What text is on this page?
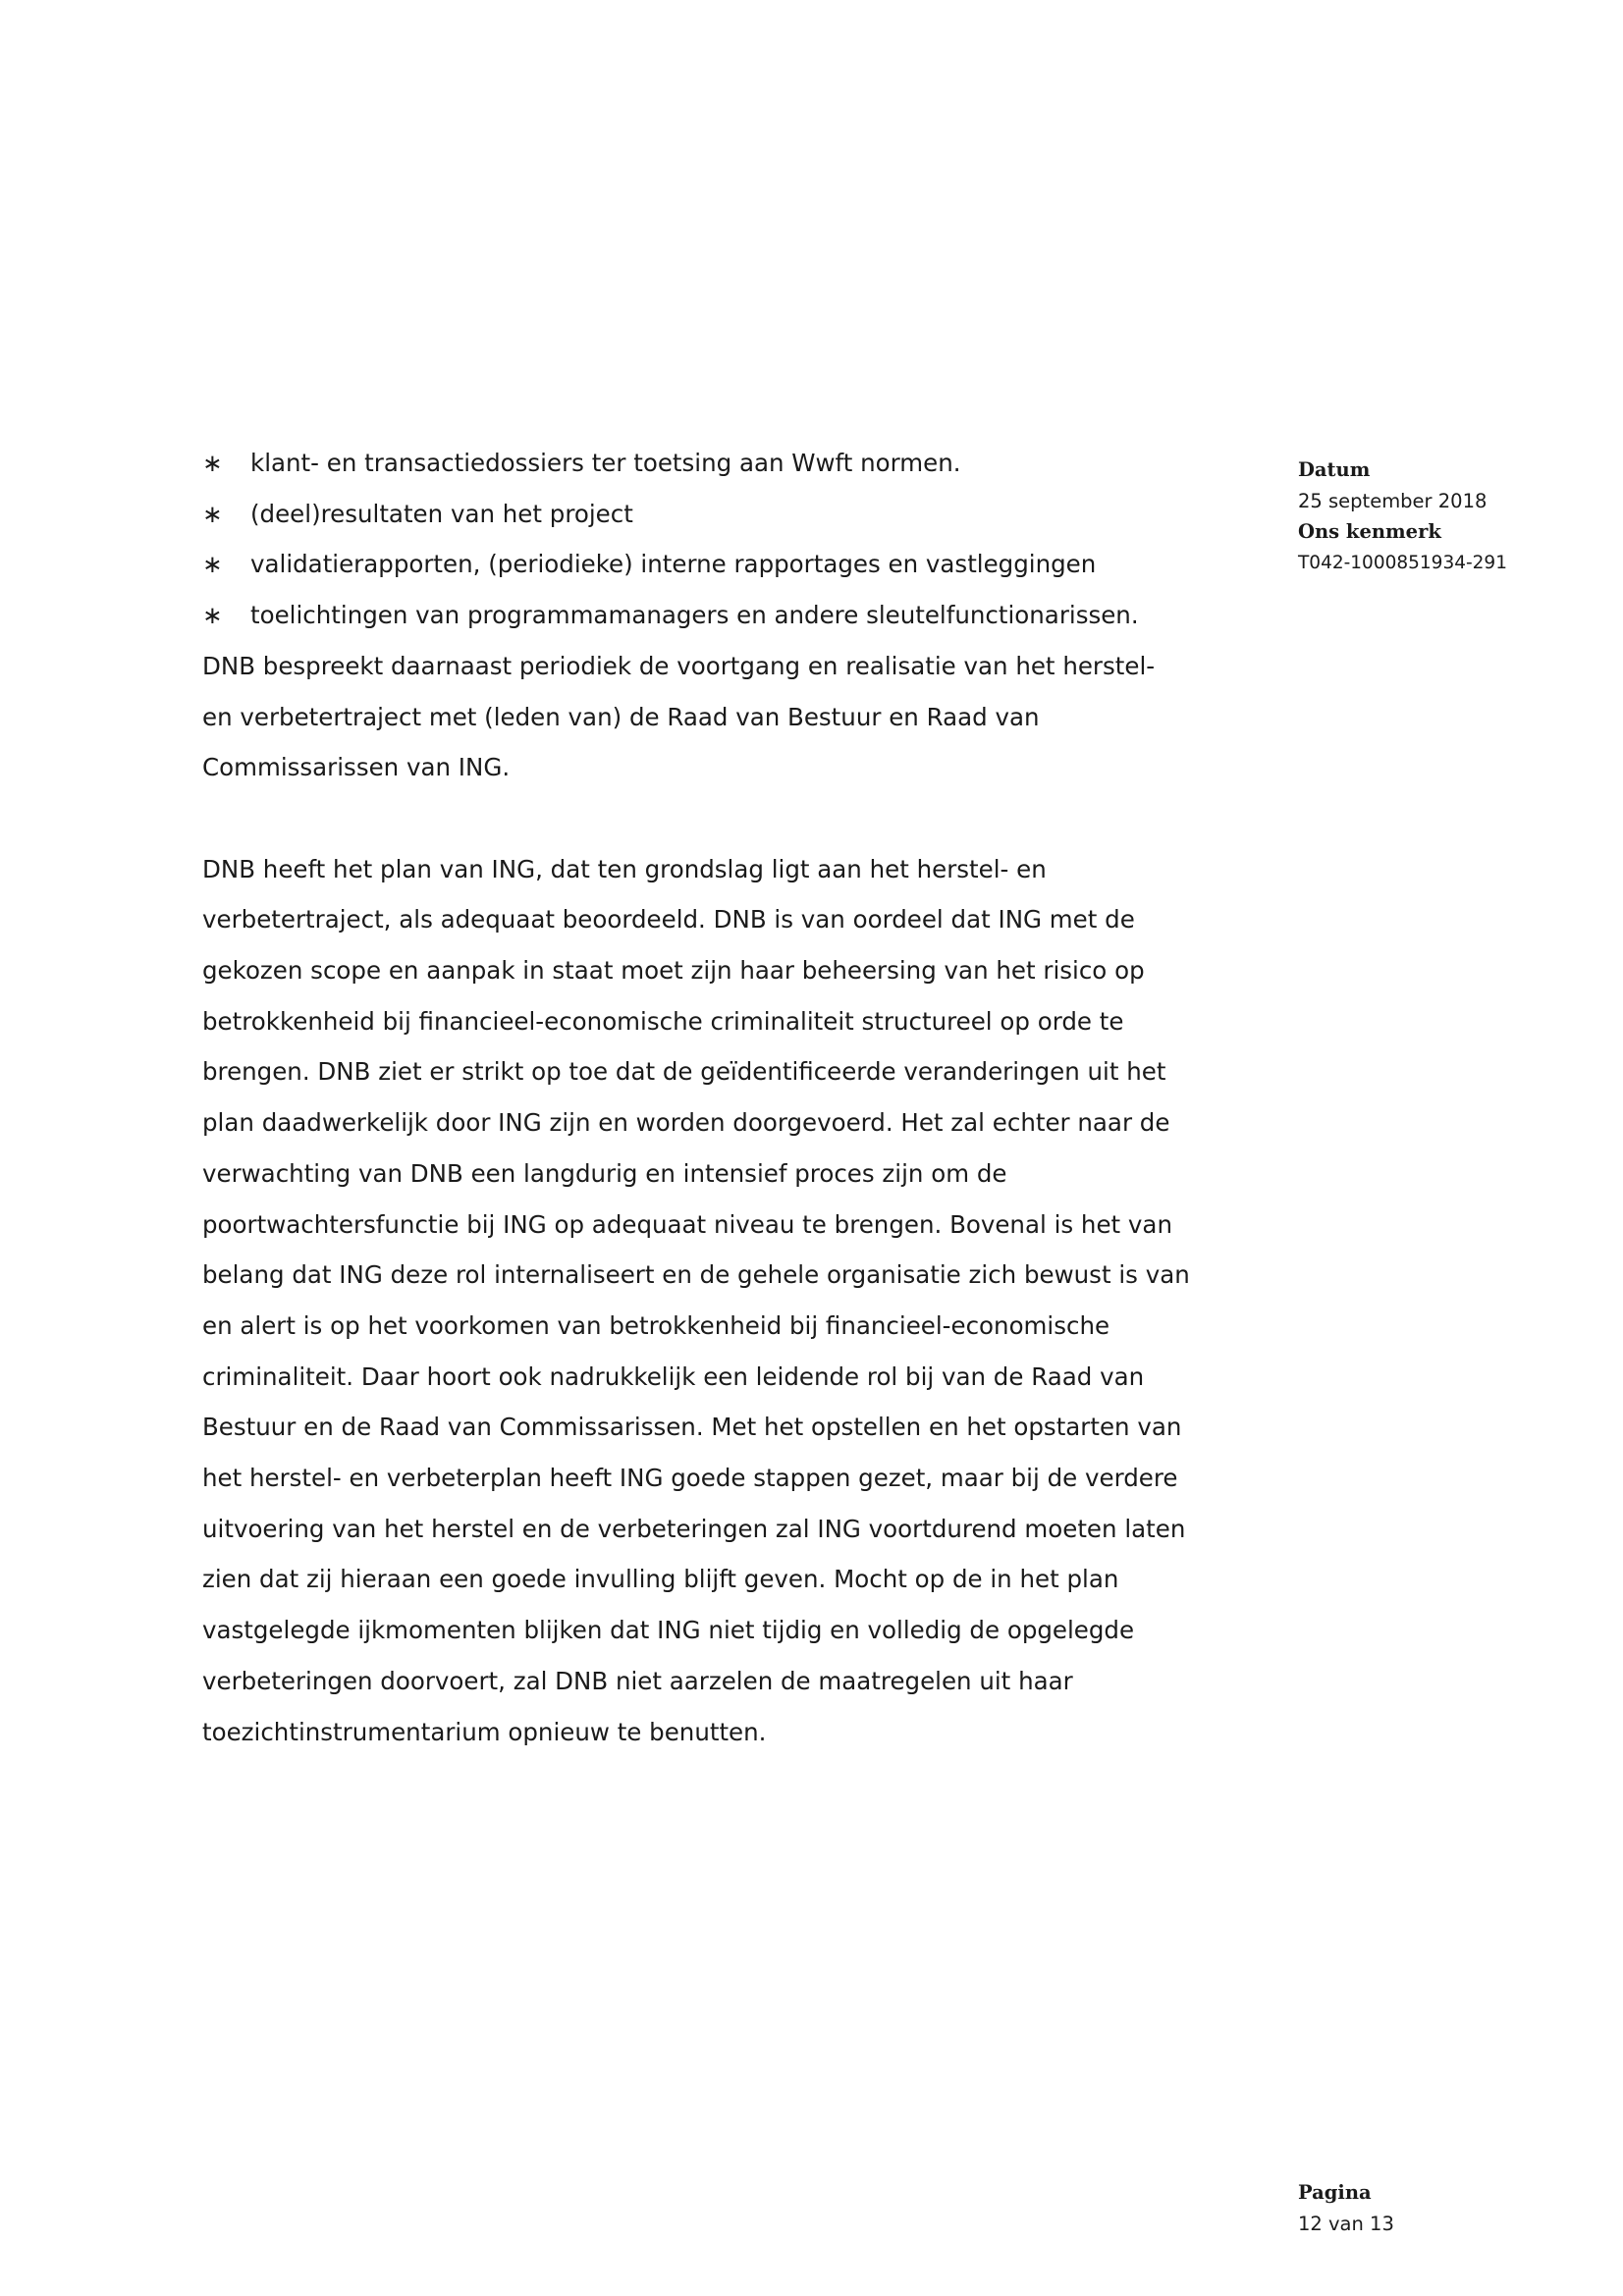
∗ klant- en transactiedossiers ter toetsing aan Wwft normen.
∗ (deel)resultaten van het project
∗ validatierapporten, (periodieke) interne rapportages en vastleggingen
∗ toelichtingen van programmamanagers en andere sleutelfunctionarissen.

DNB bespreekt daarnaast periodiek de voortgang en realisatie van het herstel-
en verbetertraject met (leden van) de Raad van Bestuur en Raad van
Commissarissen van ING.

DNB heeft het plan van ING, dat ten grondslag ligt aan het herstel- en
verbetertraject, als adequaat beoordeeld. DNB is van oordeel dat ING met de
gekozen scope en aanpak in staat moet zijn haar beheersing van het risico op
betrokkenheid bij financieel-economische criminaliteit structureel op orde te
brengen. DNB ziet er strikt op toe dat de geïdentificeerde veranderingen uit het
plan daadwerkelijk door ING zijn en worden doorgevoerd. Het zal echter naar de
verwachting van DNB een langdurig en intensief proces zijn om de
poortwachtersfunctie bij ING op adequaat niveau te brengen. Bovenal is het van
belang dat ING deze rol internaliseert en de gehele organisatie zich bewust is van
en alert is op het voorkomen van betrokkenheid bij financieel-economische
criminaliteit. Daar hoort ook nadrukkelijk een leidende rol bij van de Raad van
Bestuur en de Raad van Commissarissen. Met het opstellen en het opstarten van
het herstel- en verbeterplan heeft ING goede stappen gezet, maar bij de verdere
uitvoering van het herstel en de verbeteringen zal ING voortdurend moeten laten
zien dat zij hieraan een goede invulling blijft geven. Mocht op de in het plan
vastgelegde ijkmomenten blijken dat ING niet tijdig en volledig de opgelegde
verbeteringen doorvoert, zal DNB niet aarzelen de maatregelen uit haar
toezichtinstrumentarium opnieuw te benutten.

Datum
25 september 2018
Ons kenmerk
T042-1000851934-291
Pagina
12 van 13
